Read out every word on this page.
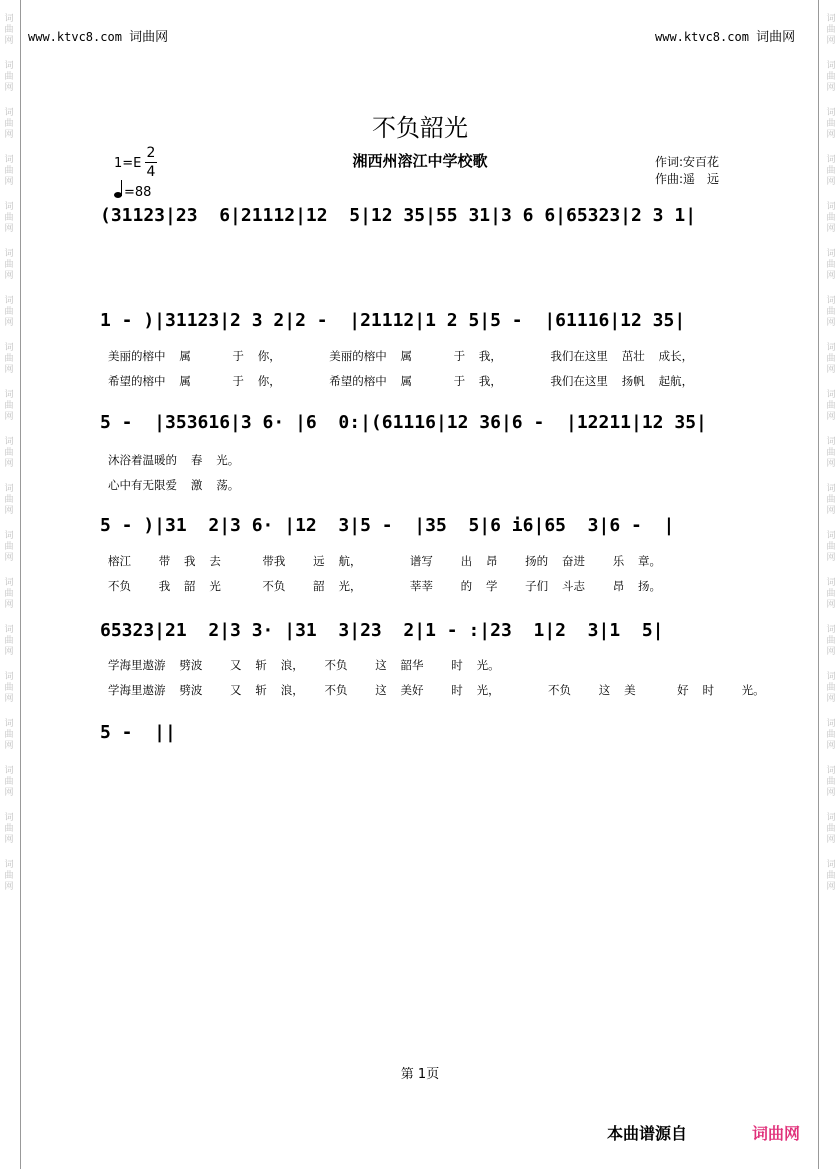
词
曲
网
词
曲
网
词
曲
网
词
曲
网
词
曲
网
词
曲
网
词
曲
网
词
曲
网
词
曲
网
词
曲
网
词
曲
网
词
曲
网
词
曲
网
词
曲
网
词
曲
网
词
曲
网
词
曲
网
词
曲
网
词
曲
网
词
曲
网
词
曲
网
词
曲
网
词
曲
网
词
曲
网
词
曲
网
词
曲
网
词
曲
网
词
曲
网
词
曲
网
词
曲
网
词
曲
网
词
曲
网
词
曲
网
词
曲
网
词
曲
网
词
曲
网
词
曲
网
词
曲
网
www.ktvc8.com 词曲网	www.ktvc8.com 词曲网
不负韶光
湘西州溶江中学校歌	作词:安百花
作曲:遥　远
1=E
2
4
=88
(31123|23  6|21112|12  5|12 35|55 31|3 6 6|65323|2 3 1|
1 - )|31123|2 3 2|2 -  |21112|1 2 5|5 -  |61116|12 35|
美丽的榕中  属      于  你，       美丽的榕中  属      于  我，       我们在这里  茁壮  成长，
希望的榕中  属      于  你，       希望的榕中  属      于  我，       我们在这里  扬帆  起航，
5 -  |353616|3 6· |6  0:|(61116|12 36|6 -  |12211|12 35|
沐浴着温暖的  春  光。
心中有无限爱  激  荡。
5 - )|31  2|3 6· |12  3|5 -  |35  5|6 i6|65  3|6 -  |
榕江    带  我  去      带我    远  航，       谱写    出  昂    扬的  奋进    乐  章。
不负    我  韶  光      不负    韶  光，       莘莘    的  学    子们  斗志    昂  扬。
65323|21  2|3 3· |31  3|23  2|1 - :|23  1|2  3|1  5|
学海里遨游  劈波    又  斩  浪，   不负    这  韶华    时  光。
学海里遨游  劈波    又  斩  浪，   不负    这  美好    时  光，       不负    这  美      好  时    光。
5 -  ||
第 1页
本曲谱源自	词曲网
